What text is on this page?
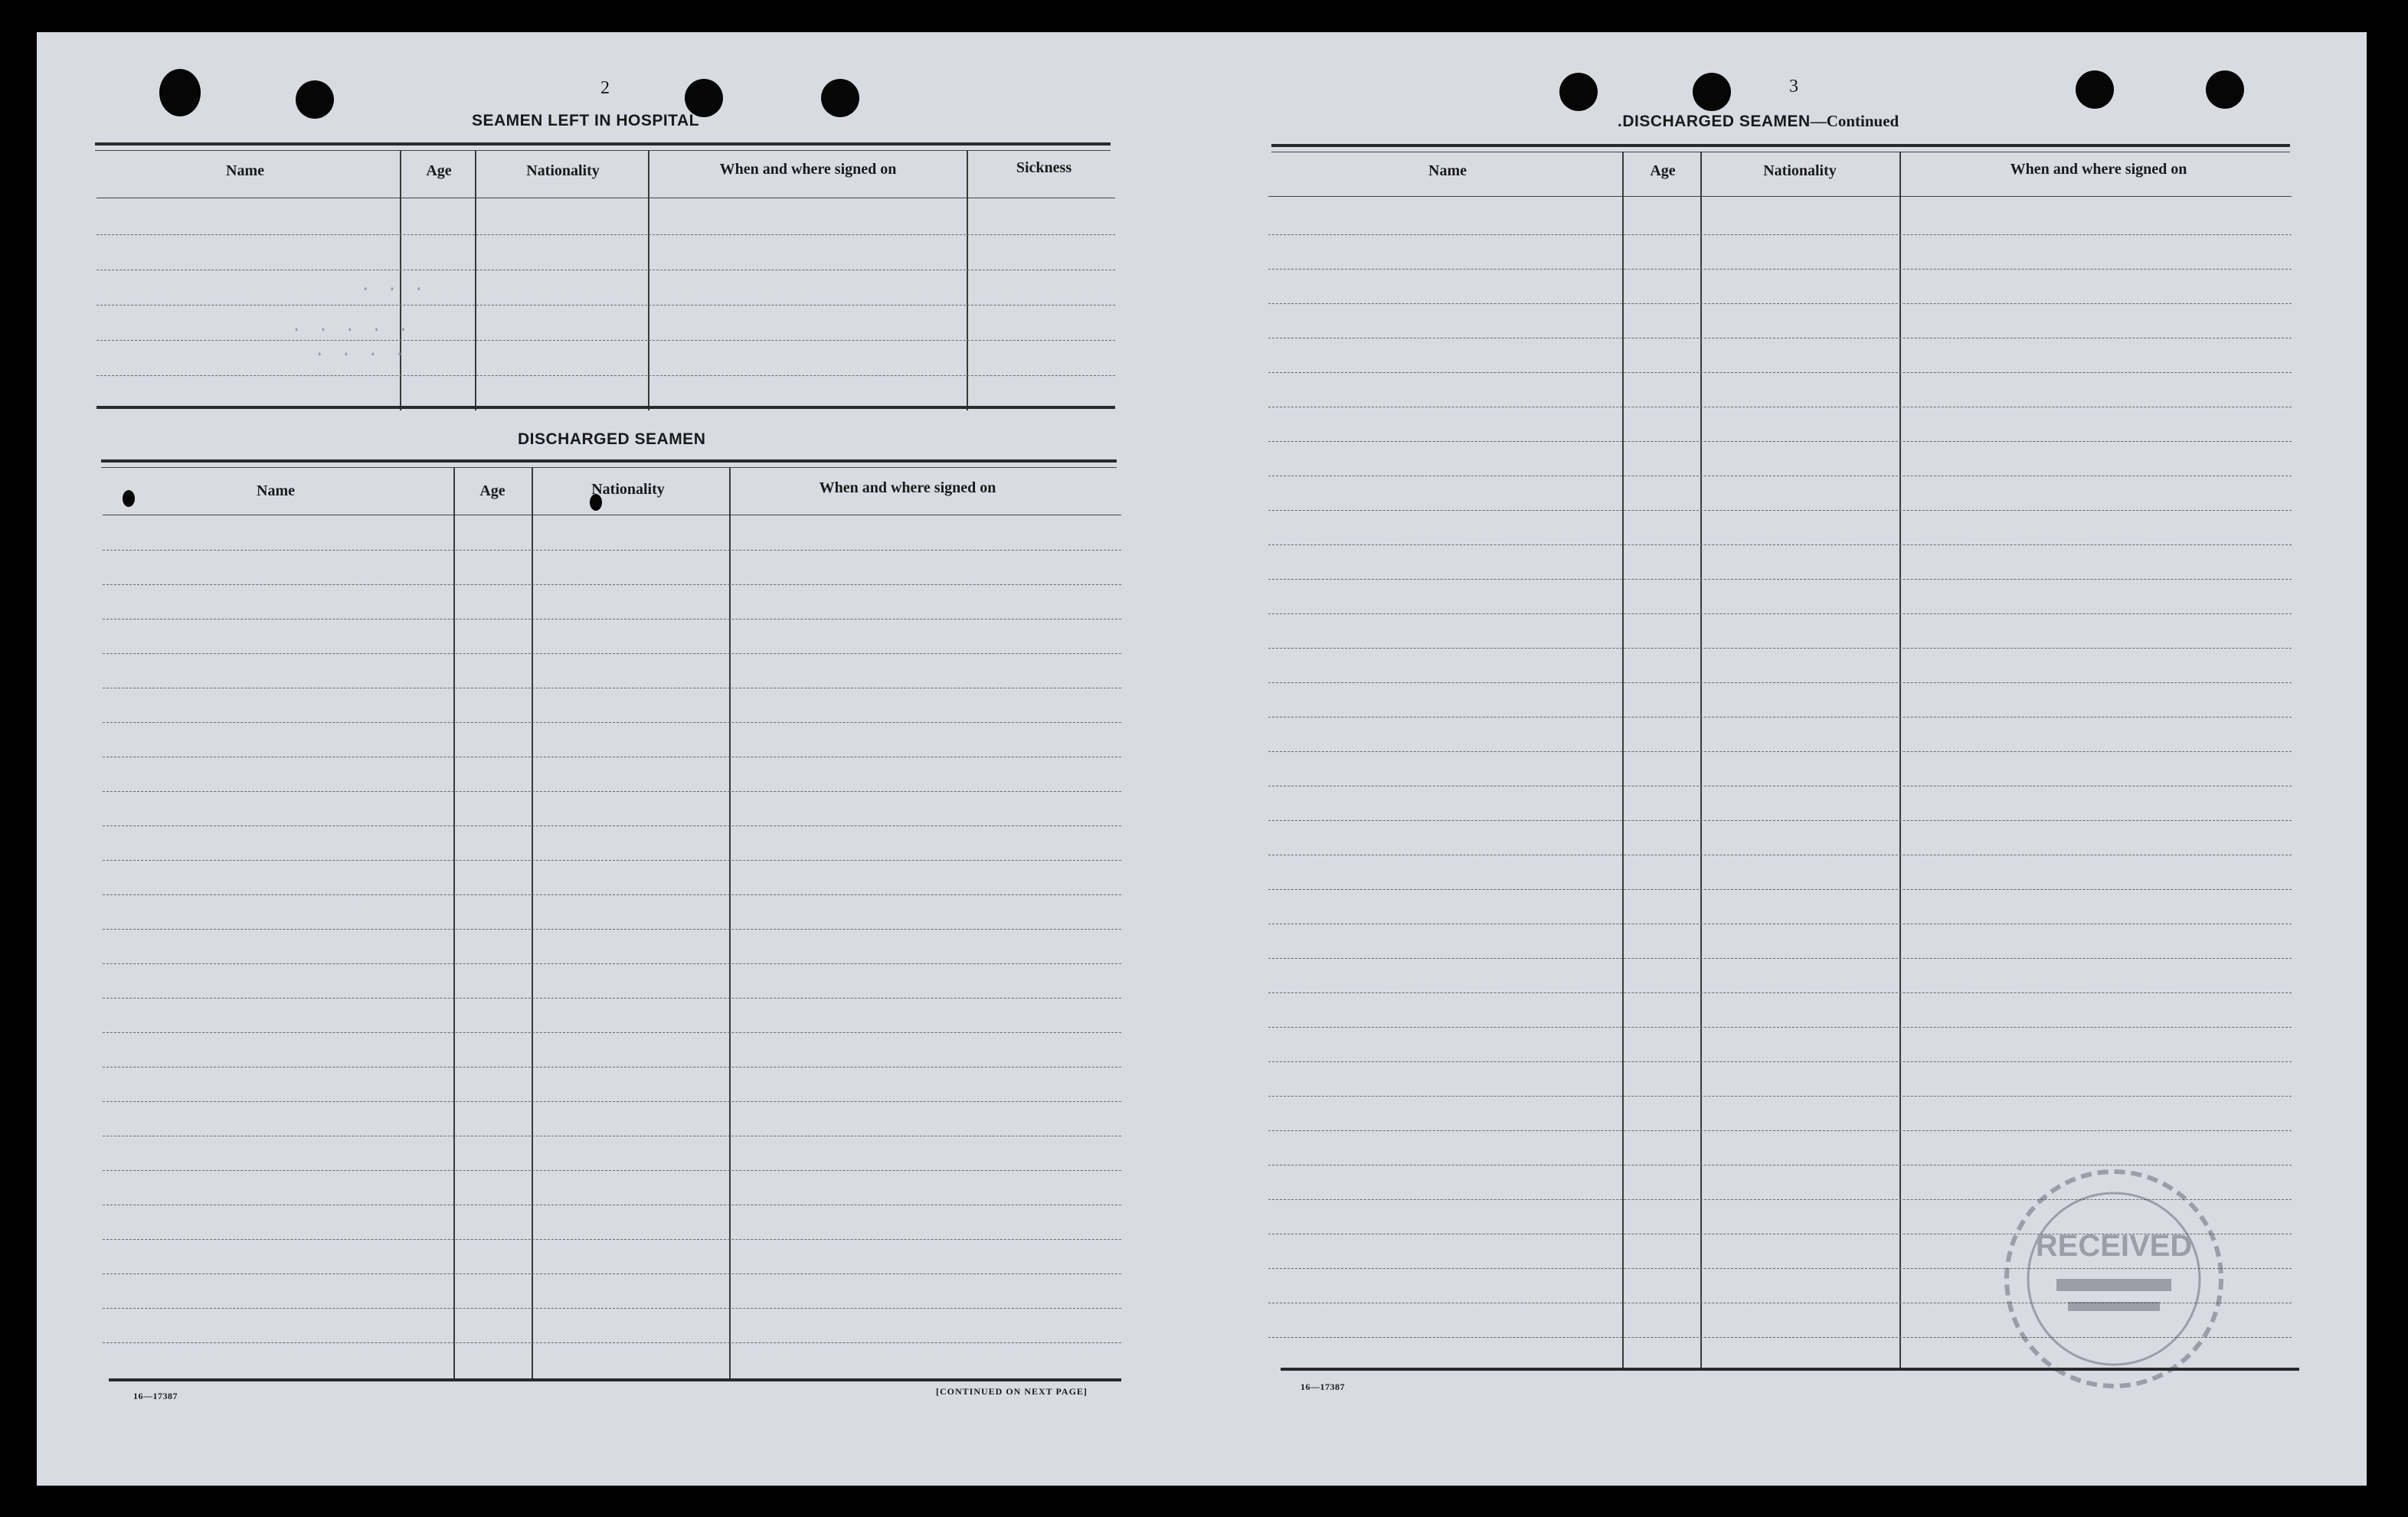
2
SEAMEN LEFT IN HOSPITAL
Name	Age	Nationality	When and where signed on	Sickness
DISCHARGED SEAMEN
Name	Age	Nationality	When and where signed on
16—17387	[CONTINUED ON NEXT PAGE]
∙ ∙ ∙
∙ ∙ ∙ ∙ ∙
∙ ∙ ∙ ∙
3
.DISCHARGED SEAMEN—Continued
Name	Age	Nationality	When and where signed on
16—17387
RECEIVED
